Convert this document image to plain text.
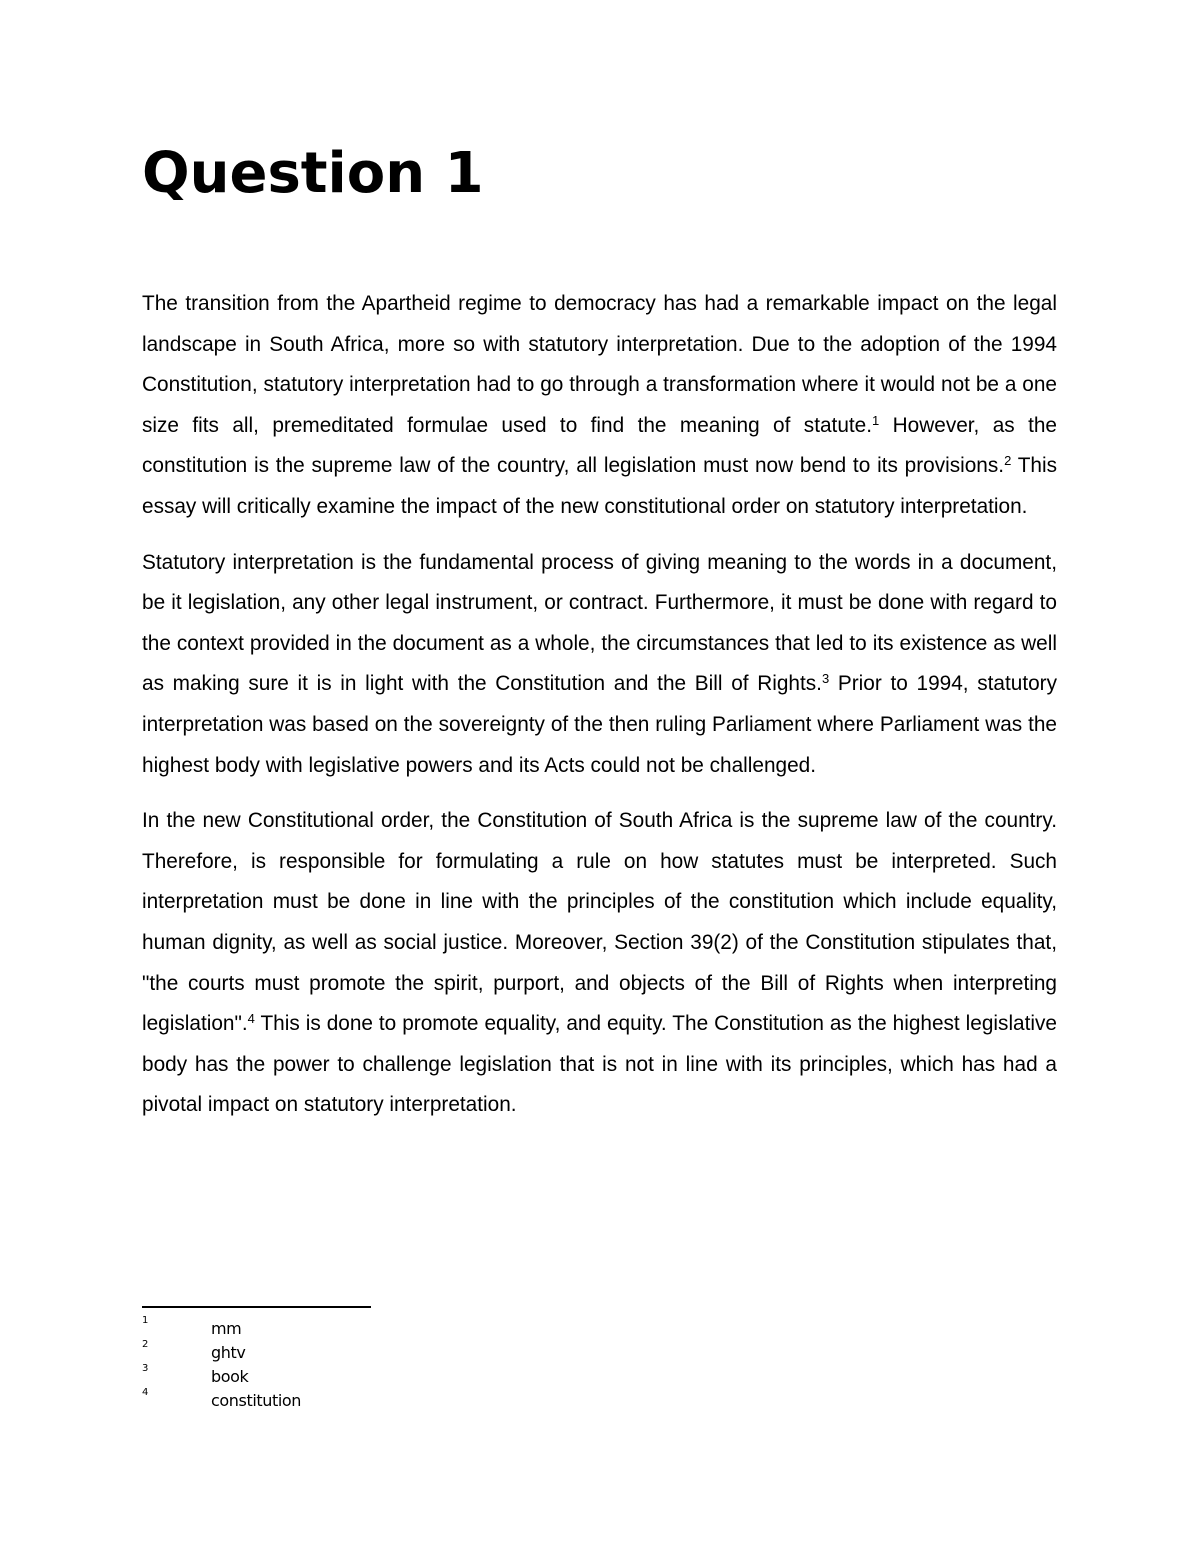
Question 1

The transition from the Apartheid regime to democracy has had a remarkable impact on the legal landscape in South Africa, more so with statutory interpretation. Due to the adoption of the 1994 Constitution, statutory interpretation had to go through a transformation where it would not be a one size fits all, premeditated formulae used to find the meaning of statute.$^1$ However, as the constitution is the supreme law of the country, all legislation must now bend to its provisions.$^2$ This essay will critically examine the impact of the new constitutional order on statutory interpretation.

Statutory interpretation is the fundamental process of giving meaning to the words in a document, be it legislation, any other legal instrument, or contract. Furthermore, it must be done with regard to the context provided in the document as a whole, the circumstances that led to its existence as well as making sure it is in light with the Constitution and the Bill of Rights.$^3$ Prior to 1994, statutory interpretation was based on the sovereignty of the then ruling Parliament where Parliament was the highest body with legislative powers and its Acts could not be challenged.

In the new Constitutional order, the Constitution of South Africa is the supreme law of the country. Therefore, is responsible for formulating a rule on how statutes must be interpreted. Such interpretation must be done in line with the principles of the constitution which include equality, human dignity, as well as social justice. Moreover, Section 39(2) of the Constitution stipulates that, "the courts must promote the spirit, purport, and objects of the Bill of Rights when interpreting legislation".$^4$ This is done to promote equality, and equity. The Constitution as the highest legislative body has the power to challenge legislation that is not in line with its principles, which has had a pivotal impact on statutory interpretation.

1	mm
2	ghtv
3	book
4	constitution
